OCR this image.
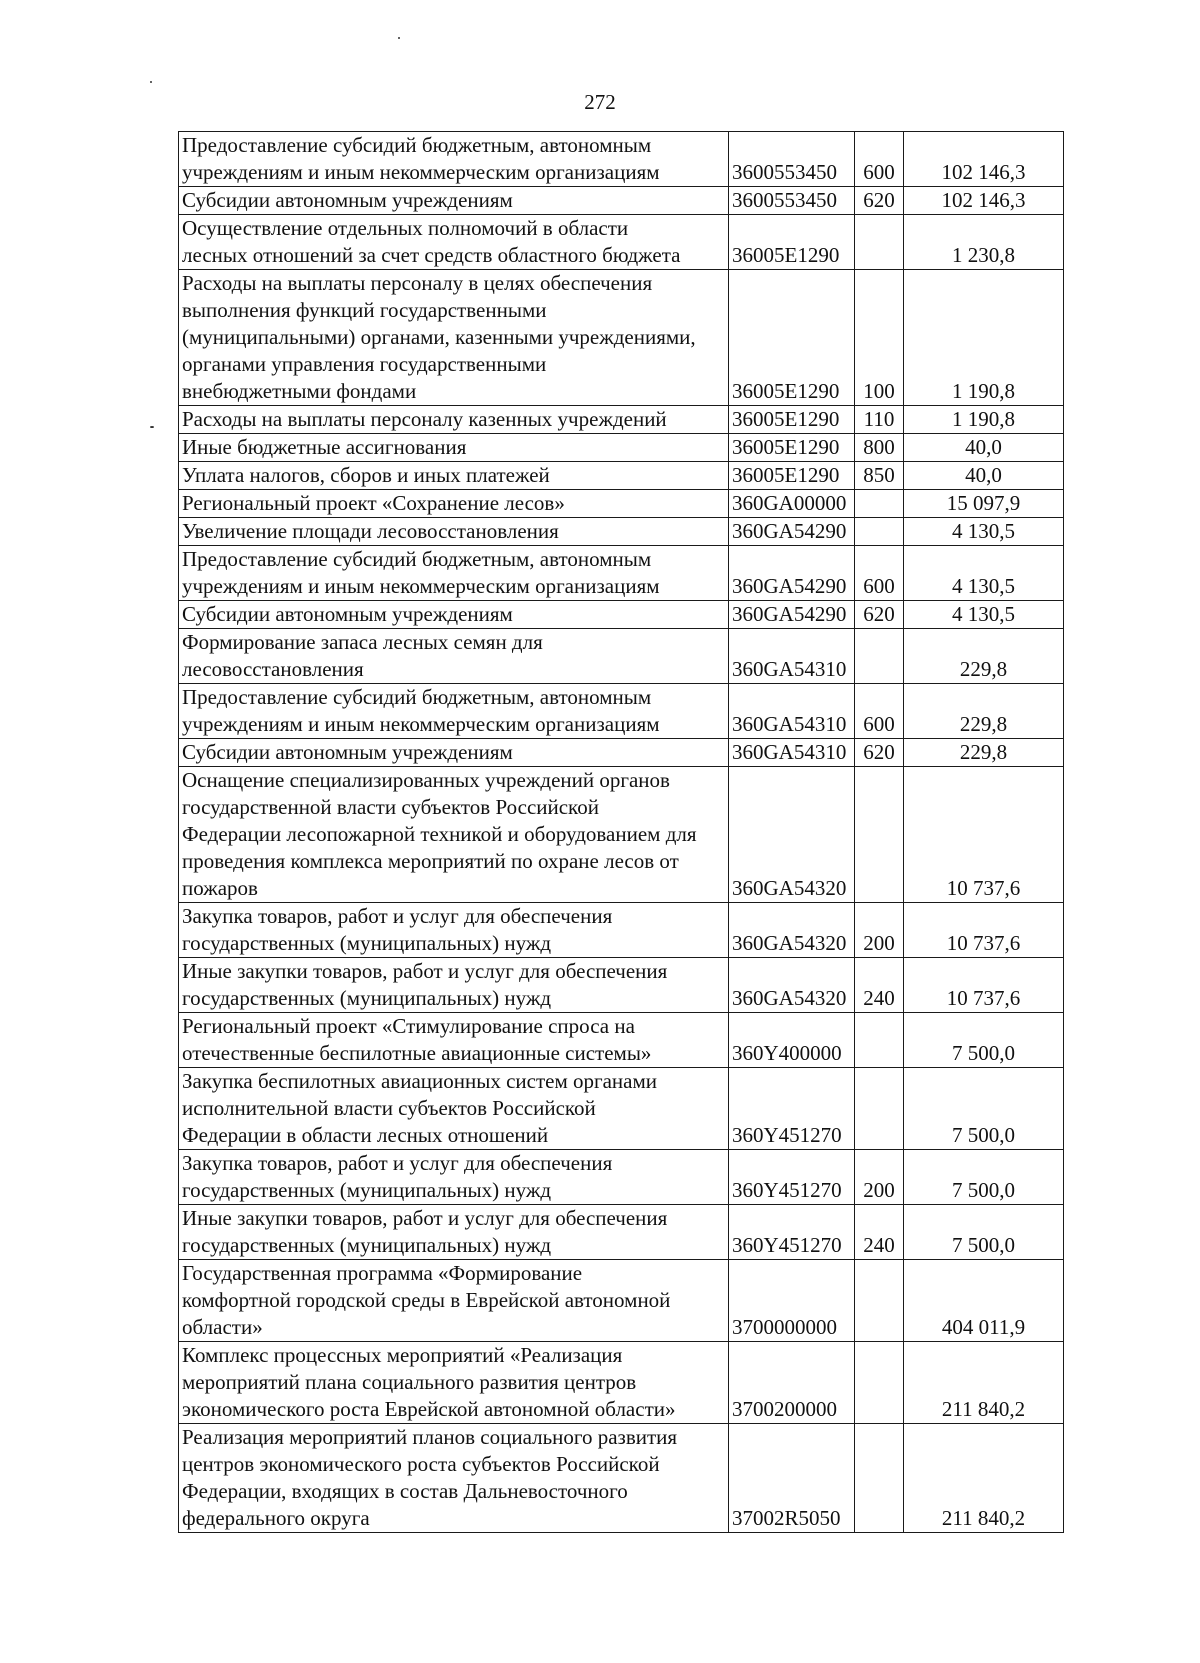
272
Предоставление субсидий бюджетным, автономным
учреждениям и иным некоммерческим организациям	3600553450	600	102 146,3
Субсидии автономным учреждениям	3600553450	620	102 146,3
Осуществление отдельных полномочий в области
лесных отношений за счет средств областного бюджета	36005E1290		1 230,8
Расходы на выплаты персоналу в целях обеспечения
выполнения функций государственными
(муниципальными) органами, казенными учреждениями,
органами управления государственными
внебюджетными фондами	36005E1290	100	1 190,8
Расходы на выплаты персоналу казенных учреждений	36005E1290	110	1 190,8
Иные бюджетные ассигнования	36005E1290	800	40,0
Уплата налогов, сборов и иных платежей	36005E1290	850	40,0
Региональный проект «Сохранение лесов»	360GA00000		15 097,9
Увеличение площади лесовосстановления	360GA54290		4 130,5
Предоставление субсидий бюджетным, автономным
учреждениям и иным некоммерческим организациям	360GA54290	600	4 130,5
Субсидии автономным учреждениям	360GA54290	620	4 130,5
Формирование запаса лесных семян для
лесовосстановления	360GA54310		229,8
Предоставление субсидий бюджетным, автономным
учреждениям и иным некоммерческим организациям	360GA54310	600	229,8
Субсидии автономным учреждениям	360GA54310	620	229,8
Оснащение специализированных учреждений органов
государственной власти субъектов Российской
Федерации лесопожарной техникой и оборудованием для
проведения комплекса мероприятий по охране лесов от
пожаров	360GA54320		10 737,6
Закупка товаров, работ и услуг для обеспечения
государственных (муниципальных) нужд	360GA54320	200	10 737,6
Иные закупки товаров, работ и услуг для обеспечения
государственных (муниципальных) нужд	360GA54320	240	10 737,6
Региональный проект «Стимулирование спроса на
отечественные беспилотные авиационные системы»	360Y400000		7 500,0
Закупка беспилотных авиационных систем органами
исполнительной власти субъектов Российской
Федерации в области лесных отношений	360Y451270		7 500,0
Закупка товаров, работ и услуг для обеспечения
государственных (муниципальных) нужд	360Y451270	200	7 500,0
Иные закупки товаров, работ и услуг для обеспечения
государственных (муниципальных) нужд	360Y451270	240	7 500,0
Государственная программа «Формирование
комфортной городской среды в Еврейской автономной
области»	3700000000		404 011,9
Комплекс процессных мероприятий «Реализация
мероприятий плана социального развития центров
экономического роста Еврейской автономной области»	3700200000		211 840,2
Реализация мероприятий планов социального развития
центров экономического роста субъектов Российской
Федерации, входящих в состав Дальневосточного
федерального округа	37002R5050		211 840,2
